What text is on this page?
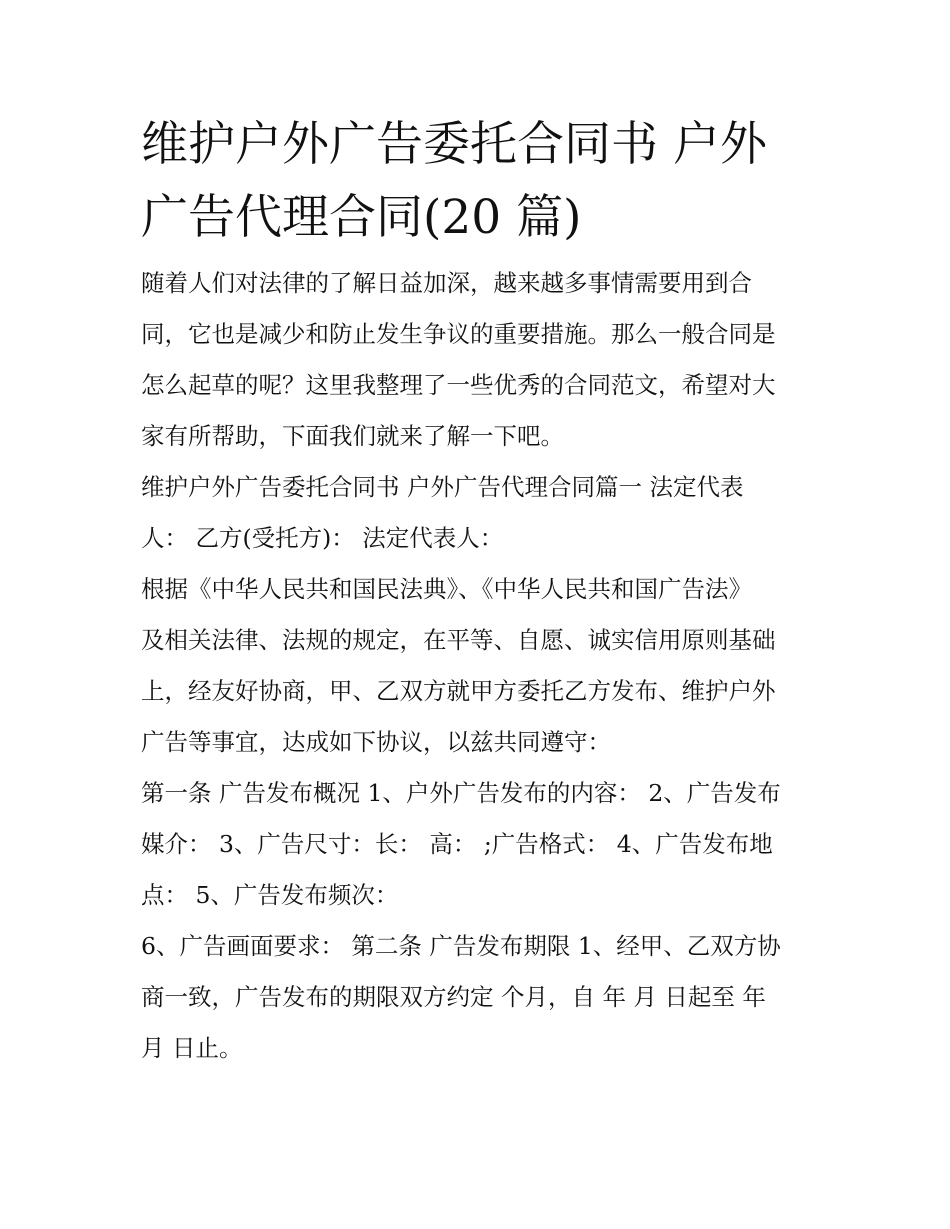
维护户外广告委托合同书 户外
广告代理合同(20 篇)

随着人们对法律的了解日益加深，越来越多事情需要用到合
同，它也是减少和防止发生争议的重要措施。那么一般合同是
怎么起草的呢？这里我整理了一些优秀的合同范文，希望对大
家有所帮助，下面我们就来了解一下吧。

维护户外广告委托合同书 户外广告代理合同篇一 法定代表
人： 乙方(受托方)： 法定代表人：

根据《中华人民共和国民法典》、《中华人民共和国广告法》
及相关法律、法规的规定，在平等、自愿、诚实信用原则基础
上，经友好协商，甲、乙双方就甲方委托乙方发布、维护户外
广告等事宜，达成如下协议，以兹共同遵守：

第一条 广告发布概况 1、户外广告发布的内容： 2、广告发布
媒介： 3、广告尺寸：长： 高： ;广告格式： 4、广告发布地
点： 5、广告发布频次：

6、广告画面要求： 第二条 广告发布期限 1、经甲、乙双方协
商一致，广告发布的期限双方约定 个月，自 年 月 日起至 年
月 日止。
